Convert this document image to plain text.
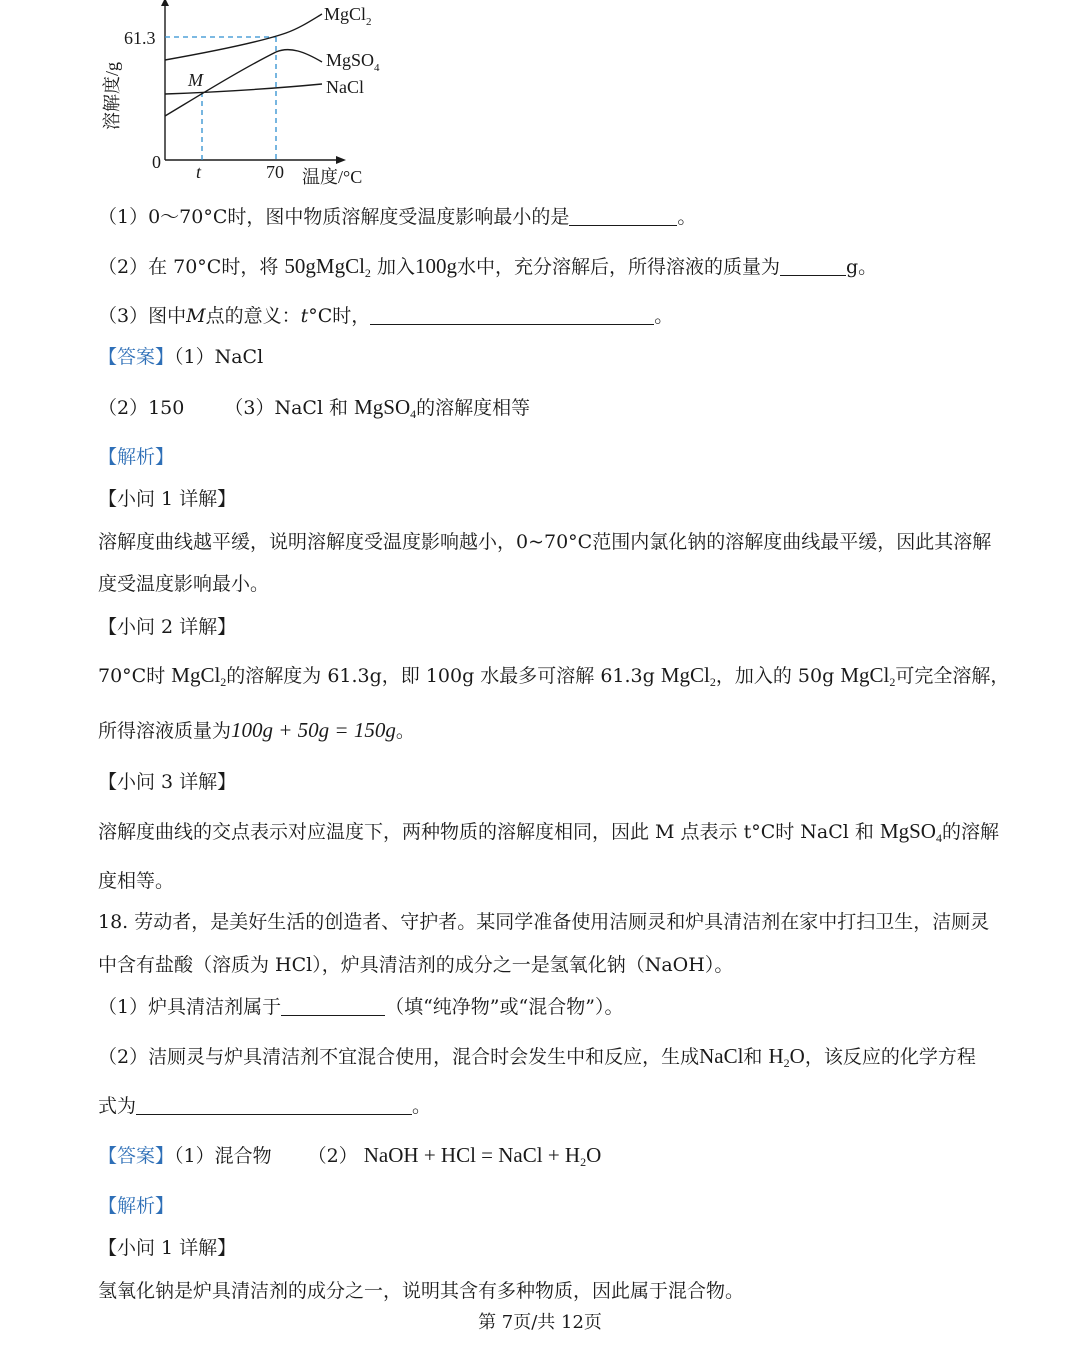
61.3
0 t	70 温度/°C
溶解度/g	M
MgCl$_2$
MgSO$_4$
NaCl
（1）0～70°C时，图中物质溶解度受温度影响最小的是	。
（2）在 70°C时，将 50gMgCl$_2$ 加入100g水中，充分溶解后，所得溶液的质量为	g。
（3）图中M点的意义：t°C时，	。
【答案】（1）NaCl
（2）150 （3）NaCl 和 MgSO$_4$的溶解度相等
【解析】
【小问 1 详解】
溶解度曲线越平缓，说明溶解度受温度影响越小，0~70°C范围内氯化钠的溶解度曲线最平缓，因此其溶解
度受温度影响最小。
【小问 2 详解】
70°C时 MgCl$_2$的溶解度为 61.3g，即 100g 水最多可溶解 61.3g MgCl$_2$，加入的 50g MgCl$_2$可完全溶解，
所得溶液质量为100g + 50g = 150g。
【小问 3 详解】
溶解度曲线的交点表示对应温度下，两种物质的溶解度相同，因此 M 点表示 t°C时 NaCl 和 MgSO$_4$的溶解
度相等。
18. 劳动者，是美好生活的创造者、守护者。某同学准备使用洁厕灵和炉具清洁剂在家中打扫卫生，洁厕灵
中含有盐酸（溶质为 HCl），炉具清洁剂的成分之一是氢氧化钠（NaOH）。
（1）炉具清洁剂属于	（填“纯净物”或“混合物”）。
（2）洁厕灵与炉具清洁剂不宜混合使用，混合时会发生中和反应，生成NaCl和 $H_2O$，该反应的化学方程
式为	。
【答案】（1）混合物 （2） NaOH + HCl = NaCl + $H_2O$
【解析】
【小问 1 详解】
氢氧化钠是炉具清洁剂的成分之一，说明其含有多种物质，因此属于混合物。
第 7页/共 12页
